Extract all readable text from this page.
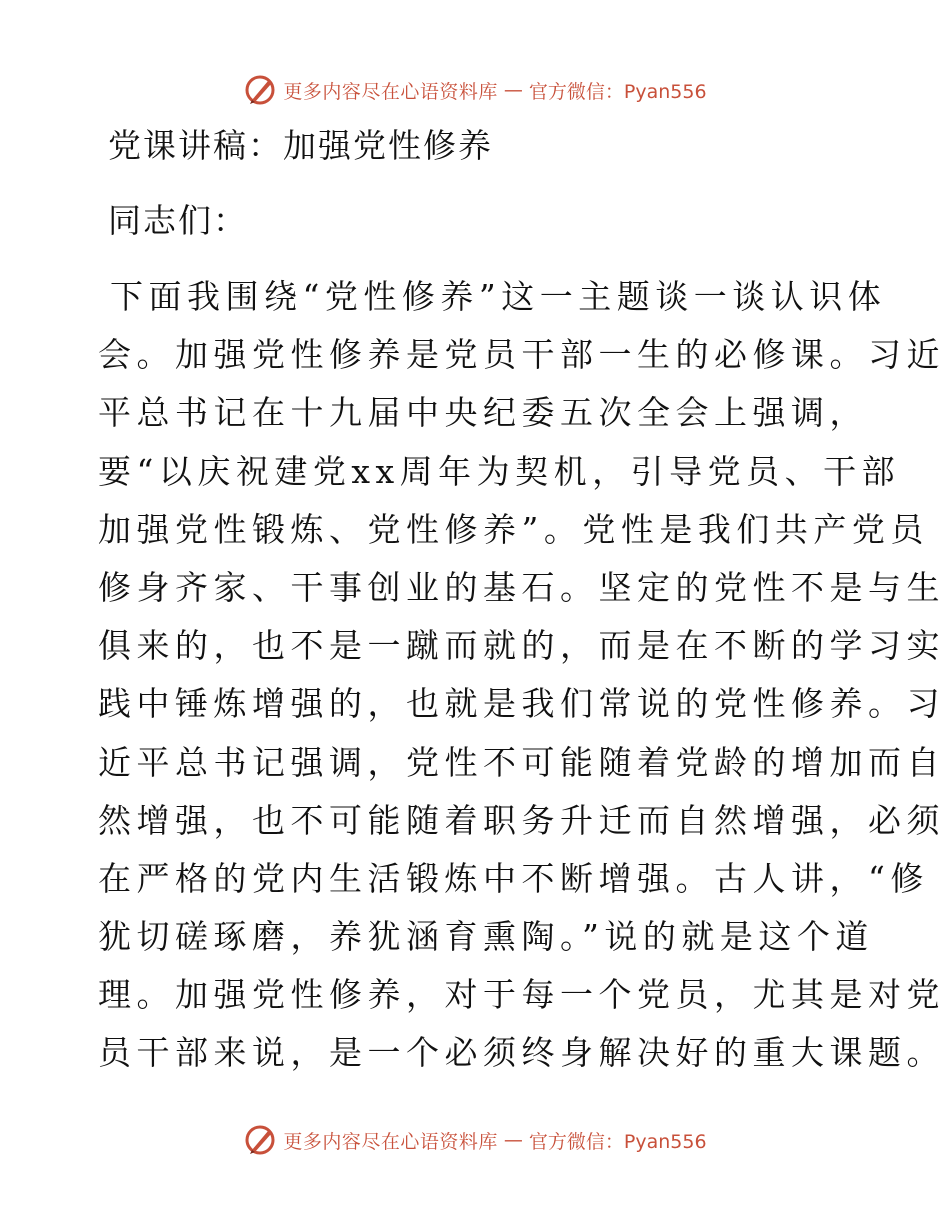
更多内容尽在心语资料库 — 官方微信：Pyan556
党课讲稿：加强党性修养
同志们：
下面我围绕“党性修养”这一主题谈一谈认识体
会。加强党性修养是党员干部一生的必修课。习近
平总书记在十九届中央纪委五次全会上强调，
要“以庆祝建党xx周年为契机，引导党员、干部
加强党性锻炼、党性修养”。党性是我们共产党员
修身齐家、干事创业的基石。坚定的党性不是与生
俱来的，也不是一蹴而就的，而是在不断的学习实
践中锤炼增强的，也就是我们常说的党性修养。习
近平总书记强调，党性不可能随着党龄的增加而自
然增强，也不可能随着职务升迁而自然增强，必须
在严格的党内生活锻炼中不断增强。古人讲，“修
犹切磋琢磨，养犹涵育熏陶。”说的就是这个道
理。加强党性修养，对于每一个党员，尤其是对党
员干部来说，是一个必须终身解决好的重大课题。
更多内容尽在心语资料库 — 官方微信：Pyan556
